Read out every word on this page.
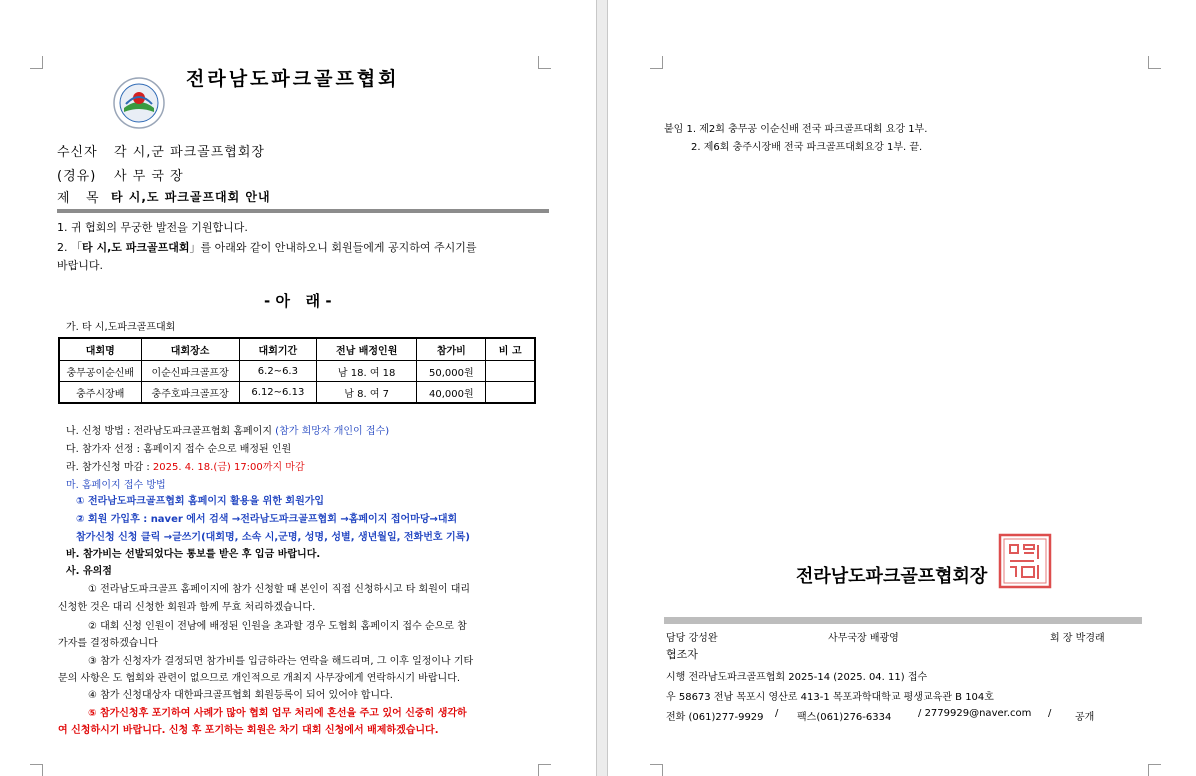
전라남도파크골프협회
수신자 각 시,군 파크골프협회장
(경유) 사 무 국 장
제   목 타 시,도 파크골프대회 안내
1. 귀 협회의 무궁한 발전을 기원합니다.
2. 「타 시,도 파크골프대회」를 아래와 같이 안내하오니 회원들에게 공지하여 주시기를
바랍니다.
- 아   래 -
가. 타 시,도파크골프대회
대회명	대회장소	대회기간	전남 배정인원	참가비	비 고
충무공이순신배	이순신파크골프장	6.2~6.3	남 18. 여 18	50,000원	
충주시장배	충주호파크골프장	6.12~6.13	남 8. 여 7	40,000원	
나. 신청 방법 : 전라남도파크골프협회 홈페이지 (참가 희망자 개인이 접수)
다. 참가자 선정 : 홈페이지 접수 순으로 배정된 인원
라. 참가신청 마감 : 2025. 4. 18.(금) 17:00까지 마감
마. 홈페이지 접수 방법
① 전라남도파크골프협회 홈페이지 활용을 위한 회원가입
② 회원 가입후 : naver 에서 검색 →전라남도파크골프협회 →홈페이지 접어마당→대회
참가신청 신청 클릭 →글쓰기(대회명, 소속 시,군명, 성명, 성별, 생년월일, 전화번호 기록)
바. 참가비는 선발되었다는 통보를 받은 후 입금 바랍니다.
사. 유의점
① 전라남도파크골프 홈페이지에 참가 신청할 때 본인이 직접 신청하시고 타 회원이 대리
신청한 것은 대리 신청한 회원과 함께 무효 처리하겠습니다.
② 대회 신청 인원이 전남에 배정된 인원을 초과할 경우 도협회 홈페이지 접수 순으로 참
가자를 결정하겠습니다
③ 참가 신청자가 결정되면 참가비를 입금하라는 연락을 해드리며, 그 이후 일정이나 기타
문의 사항은 도 협회와 관련이 없으므로 개인적으로 개최지 사무장에게 연락하시기 바랍니다.
④ 참가 신청대상자 대한파크골프협회 회원등록이 되어 있어야 합니다.
⑤ 참가신청후 포기하여 사례가 많아 협회 업무 처리에 혼선을 주고 있어 신중히 생각하
여 신청하시기 바랍니다. 신청 후 포기하는 회원은 차기 대회 신청에서 배제하겠습니다.
붙임 1. 제2회 충무공 이순신배 전국 파크골프대회 요강 1부.
2. 제6회 충주시장배 전국 파크골프대회요강 1부. 끝.
전라남도파크골프협회장
담당 강성완	사무국장 배광영	회 장 박경래
협조자
시행 전라남도파크골프협회 2025-14 (2025. 04. 11) 접수
우 58673 전남 목포시 영산로 413-1 목포과학대학교 평생교육관 B 104호
전화 (061)277-9929 / 팩스(061)276-6334	/ 2779929@naver.com / 공개
